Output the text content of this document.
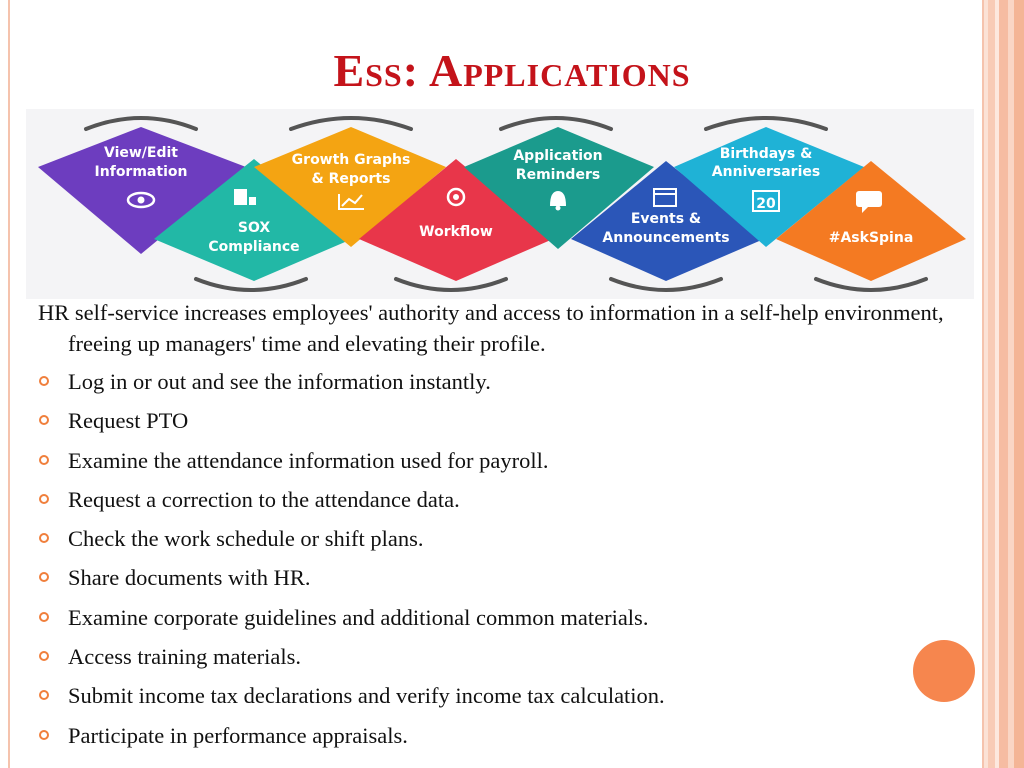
Ess: Applications
View/Edit
Information
SOX
Compliance
Growth Graphs
& Reports
Workflow
Application
Reminders
Events &
Announcements
Birthdays &
Anniversaries
20
#AskSpina
HR self-service increases employees' authority and access to information in a self-help environment, freeing up managers' time and elevating their profile.
Log in or out and see the information instantly.
Request PTO
Examine the attendance information used for payroll.
Request a correction to the attendance data.
Check the work schedule or shift plans.
Share documents with HR.
Examine corporate guidelines and additional common materials.
Access training materials.
Submit income tax declarations and verify income tax calculation.
Participate in performance appraisals.
